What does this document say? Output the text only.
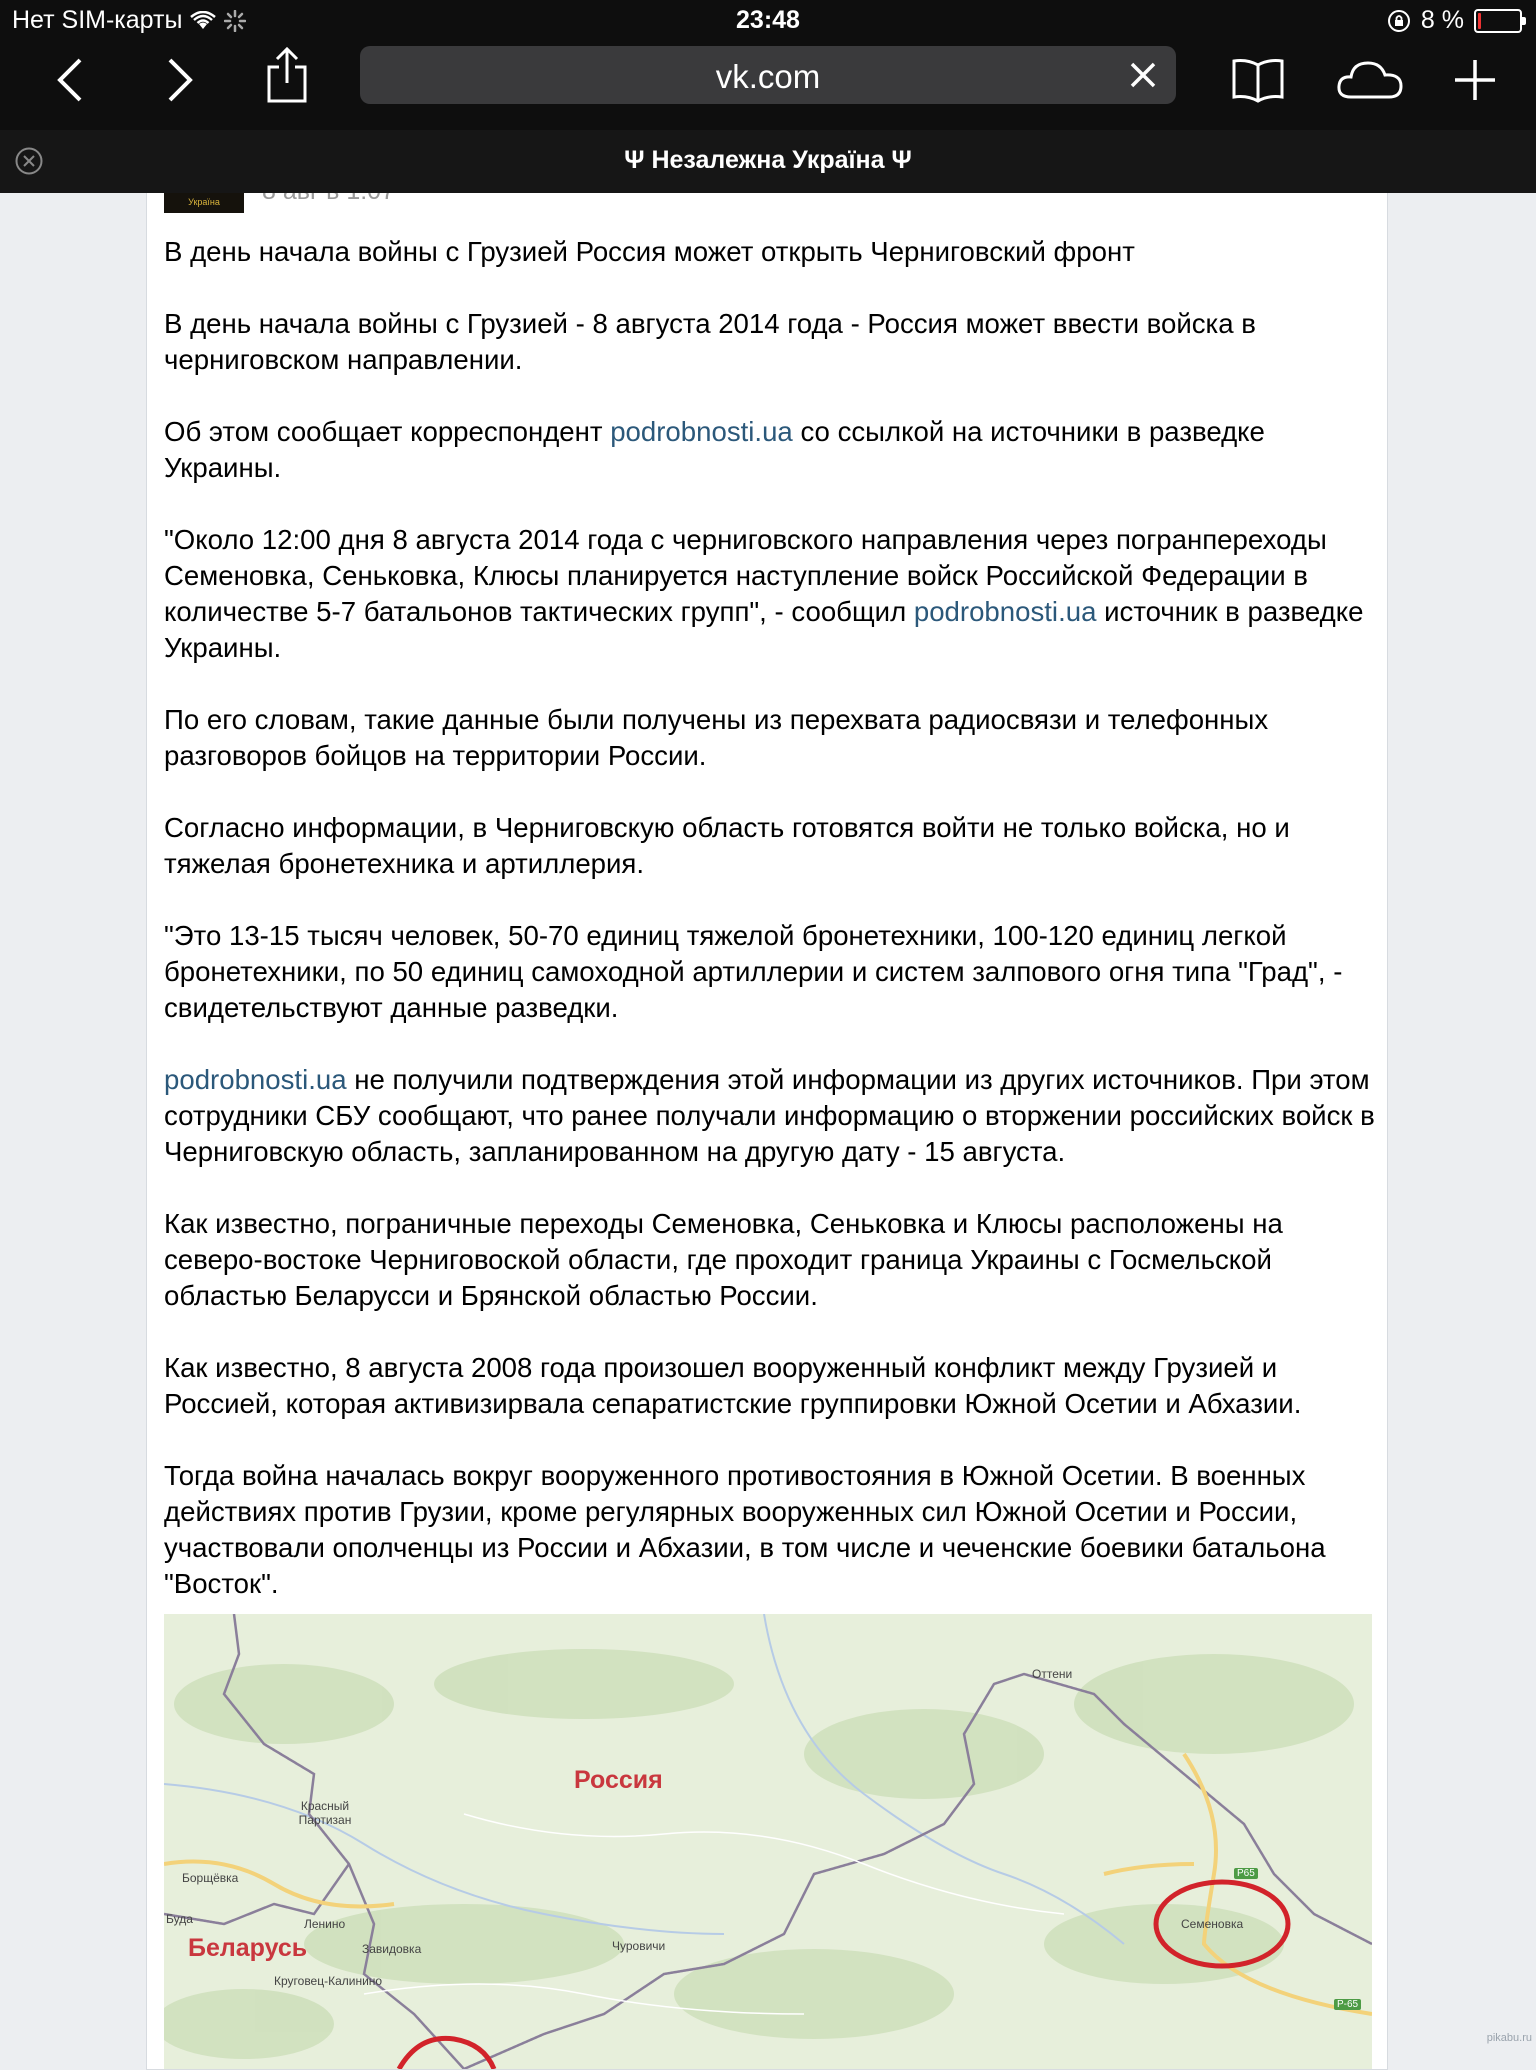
Нет SIM-карты	23:48	8 %
vk.com
Ψ Незалежна Україна Ψ
Україна

В день начала войны с Грузией Россия может открыть Черниговский фронт

В день начала войны с Грузией - 8 августа 2014 года - Россия может ввести войска в черниговском направлении.

Об этом сообщает корреспондент podrobnosti.ua со ссылкой на источники в разведке Украины.

"Около 12:00 дня 8 августа 2014 года с черниговского направления через погранпереходы Семеновка, Сеньковка, Клюсы планируется наступление войск Российской Федерации в количестве 5-7 батальонов тактических групп", - сообщил podrobnosti.ua источник в разведке Украины.

По его словам, такие данные были получены из перехвата радиосвязи и телефонных разговоров бойцов на территории России.

Согласно информации, в Черниговскую область готовятся войти не только войска, но и тяжелая бронетехника и артиллерия.

"Это 13-15 тысяч человек, 50-70 единиц тяжелой бронетехники, 100-120 единиц легкой бронетехники, по 50 единиц самоходной артиллерии и систем залпового огня типа "Град", - свидетельствуют данные разведки.

podrobnosti.ua не получили подтверждения этой информации из других источников. При этом сотрудники СБУ сообщают, что ранее получали информацию о вторжении российских войск в Черниговскую область, запланированном на другую дату - 15 августа.

Как известно, пограничные переходы Семеновка, Сеньковка и Клюсы расположены на северо-востоке Черниговоской области, где проходит граница Украины с Госмельской областью Беларусси и Брянской областью России.

Как известно, 8 августа 2008 года произошел вооруженный конфликт между Грузией и Россией, которая активизирвала сепаратистские группировки Южной Осетии и Абхазии.

Тогда война началась вокруг вооруженного противостояния в Южной Осетии. В военных действиях против Грузии, кроме регулярных вооруженных сил Южной Осетии и России, участвовали ополченцы из России и Абхазии, в том числе и чеченские боевики батальона "Восток".

Россия
Беларусь
Красный Партизан
Борщёвка
Буда	Ленино
Завидовка
Круговец-Калинино
Чуровичи
Семеновка
Оттени
Р65
Р-65
pikabu.ru
